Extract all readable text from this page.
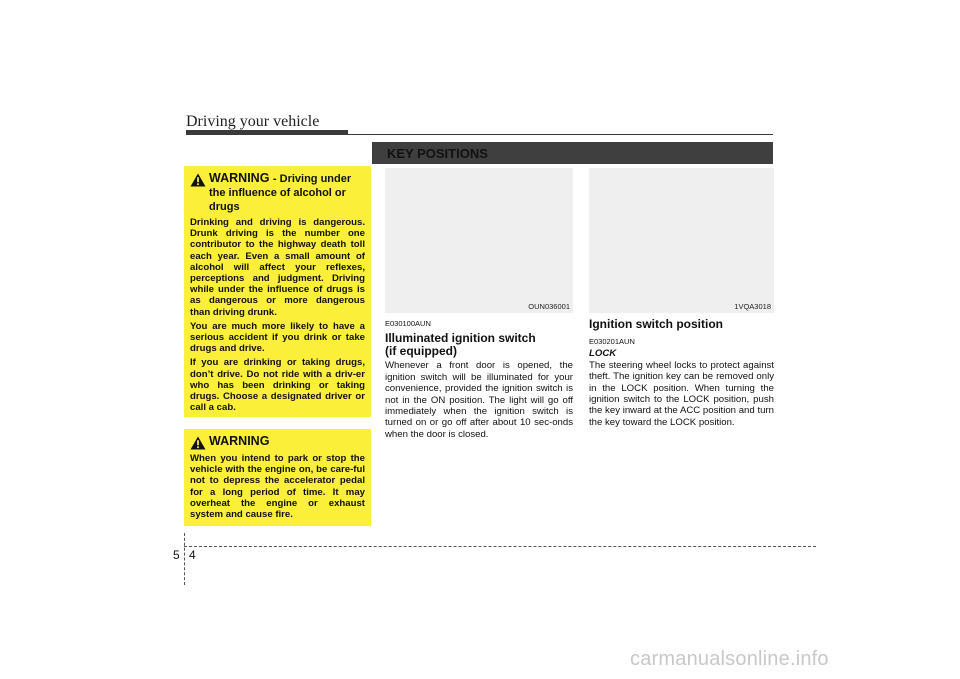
Driving your vehicle
KEY POSITIONS
WARNING - Driving under
the influence of alcohol or
drugs

Drinking and driving is dangerous. Drunk driving is the number one contributor to the highway death toll each year. Even a small amount of alcohol will affect your reflexes, perceptions and judgment. Driving while under the influence of drugs is as dangerous or more dangerous than driving drunk.

You are much more likely to have a serious accident if you drink or take drugs and drive.

If you are drinking or taking drugs, don’t drive. Do not ride with a driv-er who has been drinking or taking drugs. Choose a designated driver or call a cab.

WARNING

When you intend to park or stop the vehicle with the engine on, be care-ful not to depress the accelerator pedal for a long period of time. It may overheat the engine or exhaust system and cause fire.

OUN036001	1VQA3018

E030100AUN

Illuminated ignition switch
(if equipped)

Whenever a front door is opened, the ignition switch will be illuminated for your convenience, provided the ignition switch is not in the ON position. The light will go off immediately when the ignition switch is turned on or go off after about 10 sec-onds when the door is closed.

Ignition switch position

E030201AUN

LOCK

The steering wheel locks to protect against theft. The ignition key can be removed only in the LOCK position. When turning the ignition switch to the LOCK position, push the key inward at the ACC position and turn the key toward the LOCK position.

5 4
carmanualsonline.info
